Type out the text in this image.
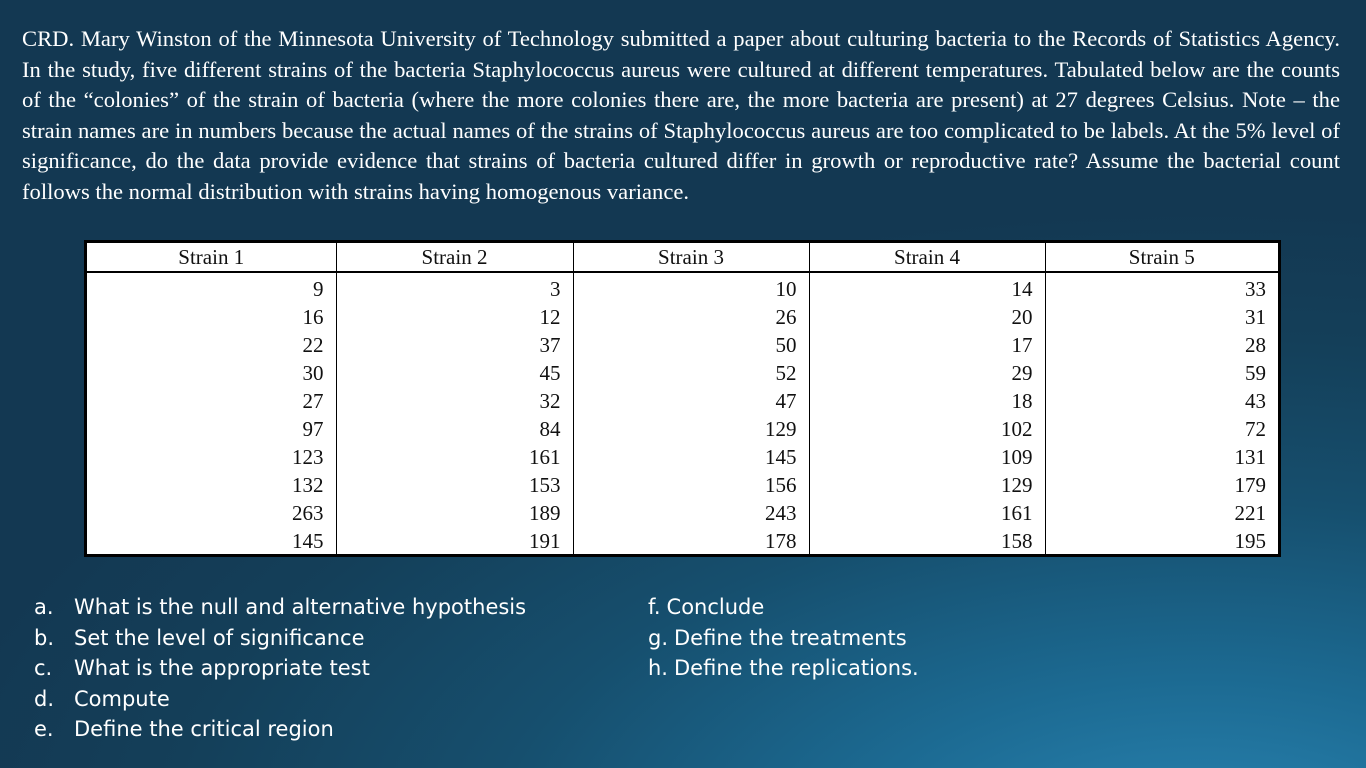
CRD. Mary Winston of the Minnesota University of Technology submitted a paper about culturing bacteria to the Records of Statistics Agency. In the study, five different strains of the bacteria Staphylococcus aureus were cultured at different temperatures. Tabulated below are the counts of the “colonies” of the strain of bacteria (where the more colonies there are, the more bacteria are present) at 27 degrees Celsius. Note – the strain names are in numbers because the actual names of the strains of Staphylococcus aureus are too complicated to be labels. At the 5% level of significance, do the data provide evidence that strains of bacteria cultured differ in growth or reproductive rate? Assume the bacterial count follows the normal distribution with strains having homogenous variance.

Strain 1	Strain 2	Strain 3	Strain 4	Strain 5
9	3	10	14	33
16	12	26	20	31
22	37	50	17	28
30	45	52	29	59
27	32	47	18	43
97	84	129	102	72
123	161	145	109	131
132	153	156	129	179
263	189	243	161	221
145	191	178	158	195
a. What is the null and alternative hypothesis
b. Set the level of significance
c.	What is the appropriate test
d. Compute
e. Define the critical region
f. Conclude
g. Define the treatments
h. Define the replications.
